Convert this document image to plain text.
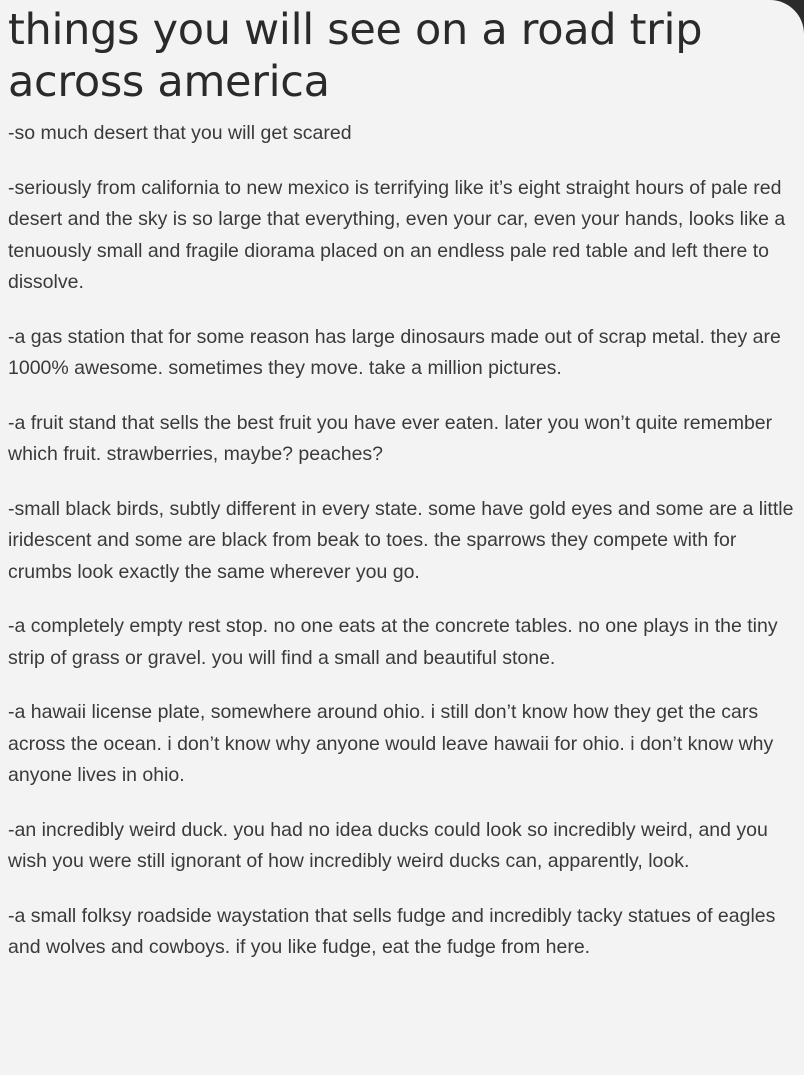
things you will see on a road trip
across america
-so much desert that you will get scared
-seriously from california to new mexico is terrifying like it’s eight straight hours of pale red desert and the sky is so large that everything, even your car, even your hands, looks like a tenuously small and fragile diorama placed on an endless pale red table and left there to dissolve.
-a gas station that for some reason has large dinosaurs made out of scrap metal. they are 1000% awesome. sometimes they move. take a million pictures.
-a fruit stand that sells the best fruit you have ever eaten. later you won’t quite remember which fruit. strawberries, maybe? peaches?
-small black birds, subtly different in every state. some have gold eyes and some are a little iridescent and some are black from beak to toes. the sparrows they compete with for crumbs look exactly the same wherever you go.
-a completely empty rest stop. no one eats at the concrete tables. no one plays in the tiny strip of grass or gravel. you will find a small and beautiful stone.
-a hawaii license plate, somewhere around ohio. i still don’t know how they get the cars across the ocean. i don’t know why anyone would leave hawaii for ohio. i don’t know why anyone lives in ohio.
-an incredibly weird duck. you had no idea ducks could look so incredibly weird, and you wish you were still ignorant of how incredibly weird ducks can, apparently, look.
-a small folksy roadside waystation that sells fudge and incredibly tacky statues of eagles and wolves and cowboys. if you like fudge, eat the fudge from here.
